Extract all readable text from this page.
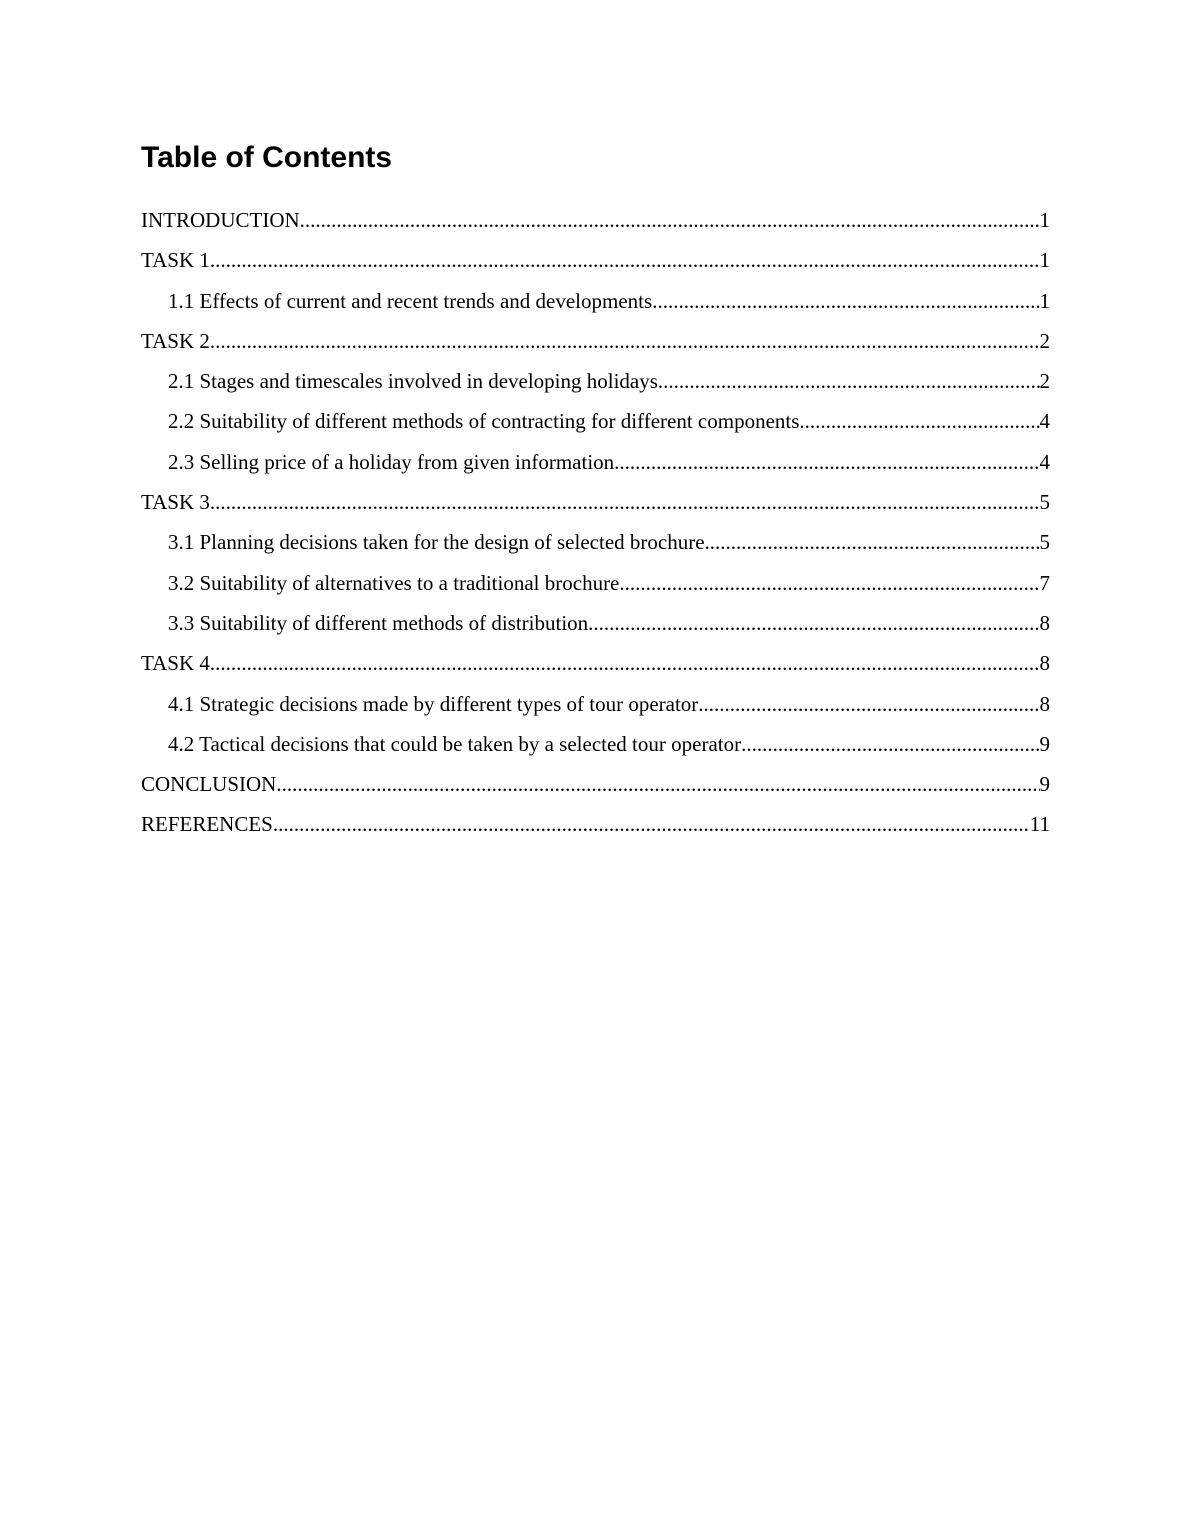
Table of Contents
INTRODUCTION .....	1
TASK 1 .....	1
1.1 Effects of current and recent trends and developments .....	1
TASK 2 .....	2
2.1 Stages and timescales involved in developing holidays .....	2
2.2 Suitability of different methods of contracting for different components .....	4
2.3 Selling price of a holiday from given information .....	4
TASK 3 .....	5
3.1 Planning decisions taken for the design of selected brochure .....	5
3.2 Suitability of alternatives to a traditional brochure .....	7
3.3 Suitability of different methods of distribution .....	8
TASK 4 .....	8
4.1 Strategic decisions made by different types of tour operator .....	8
4.2 Tactical decisions that could be taken by a selected tour operator .....	9
CONCLUSION .....	9
REFERENCES .....	11
